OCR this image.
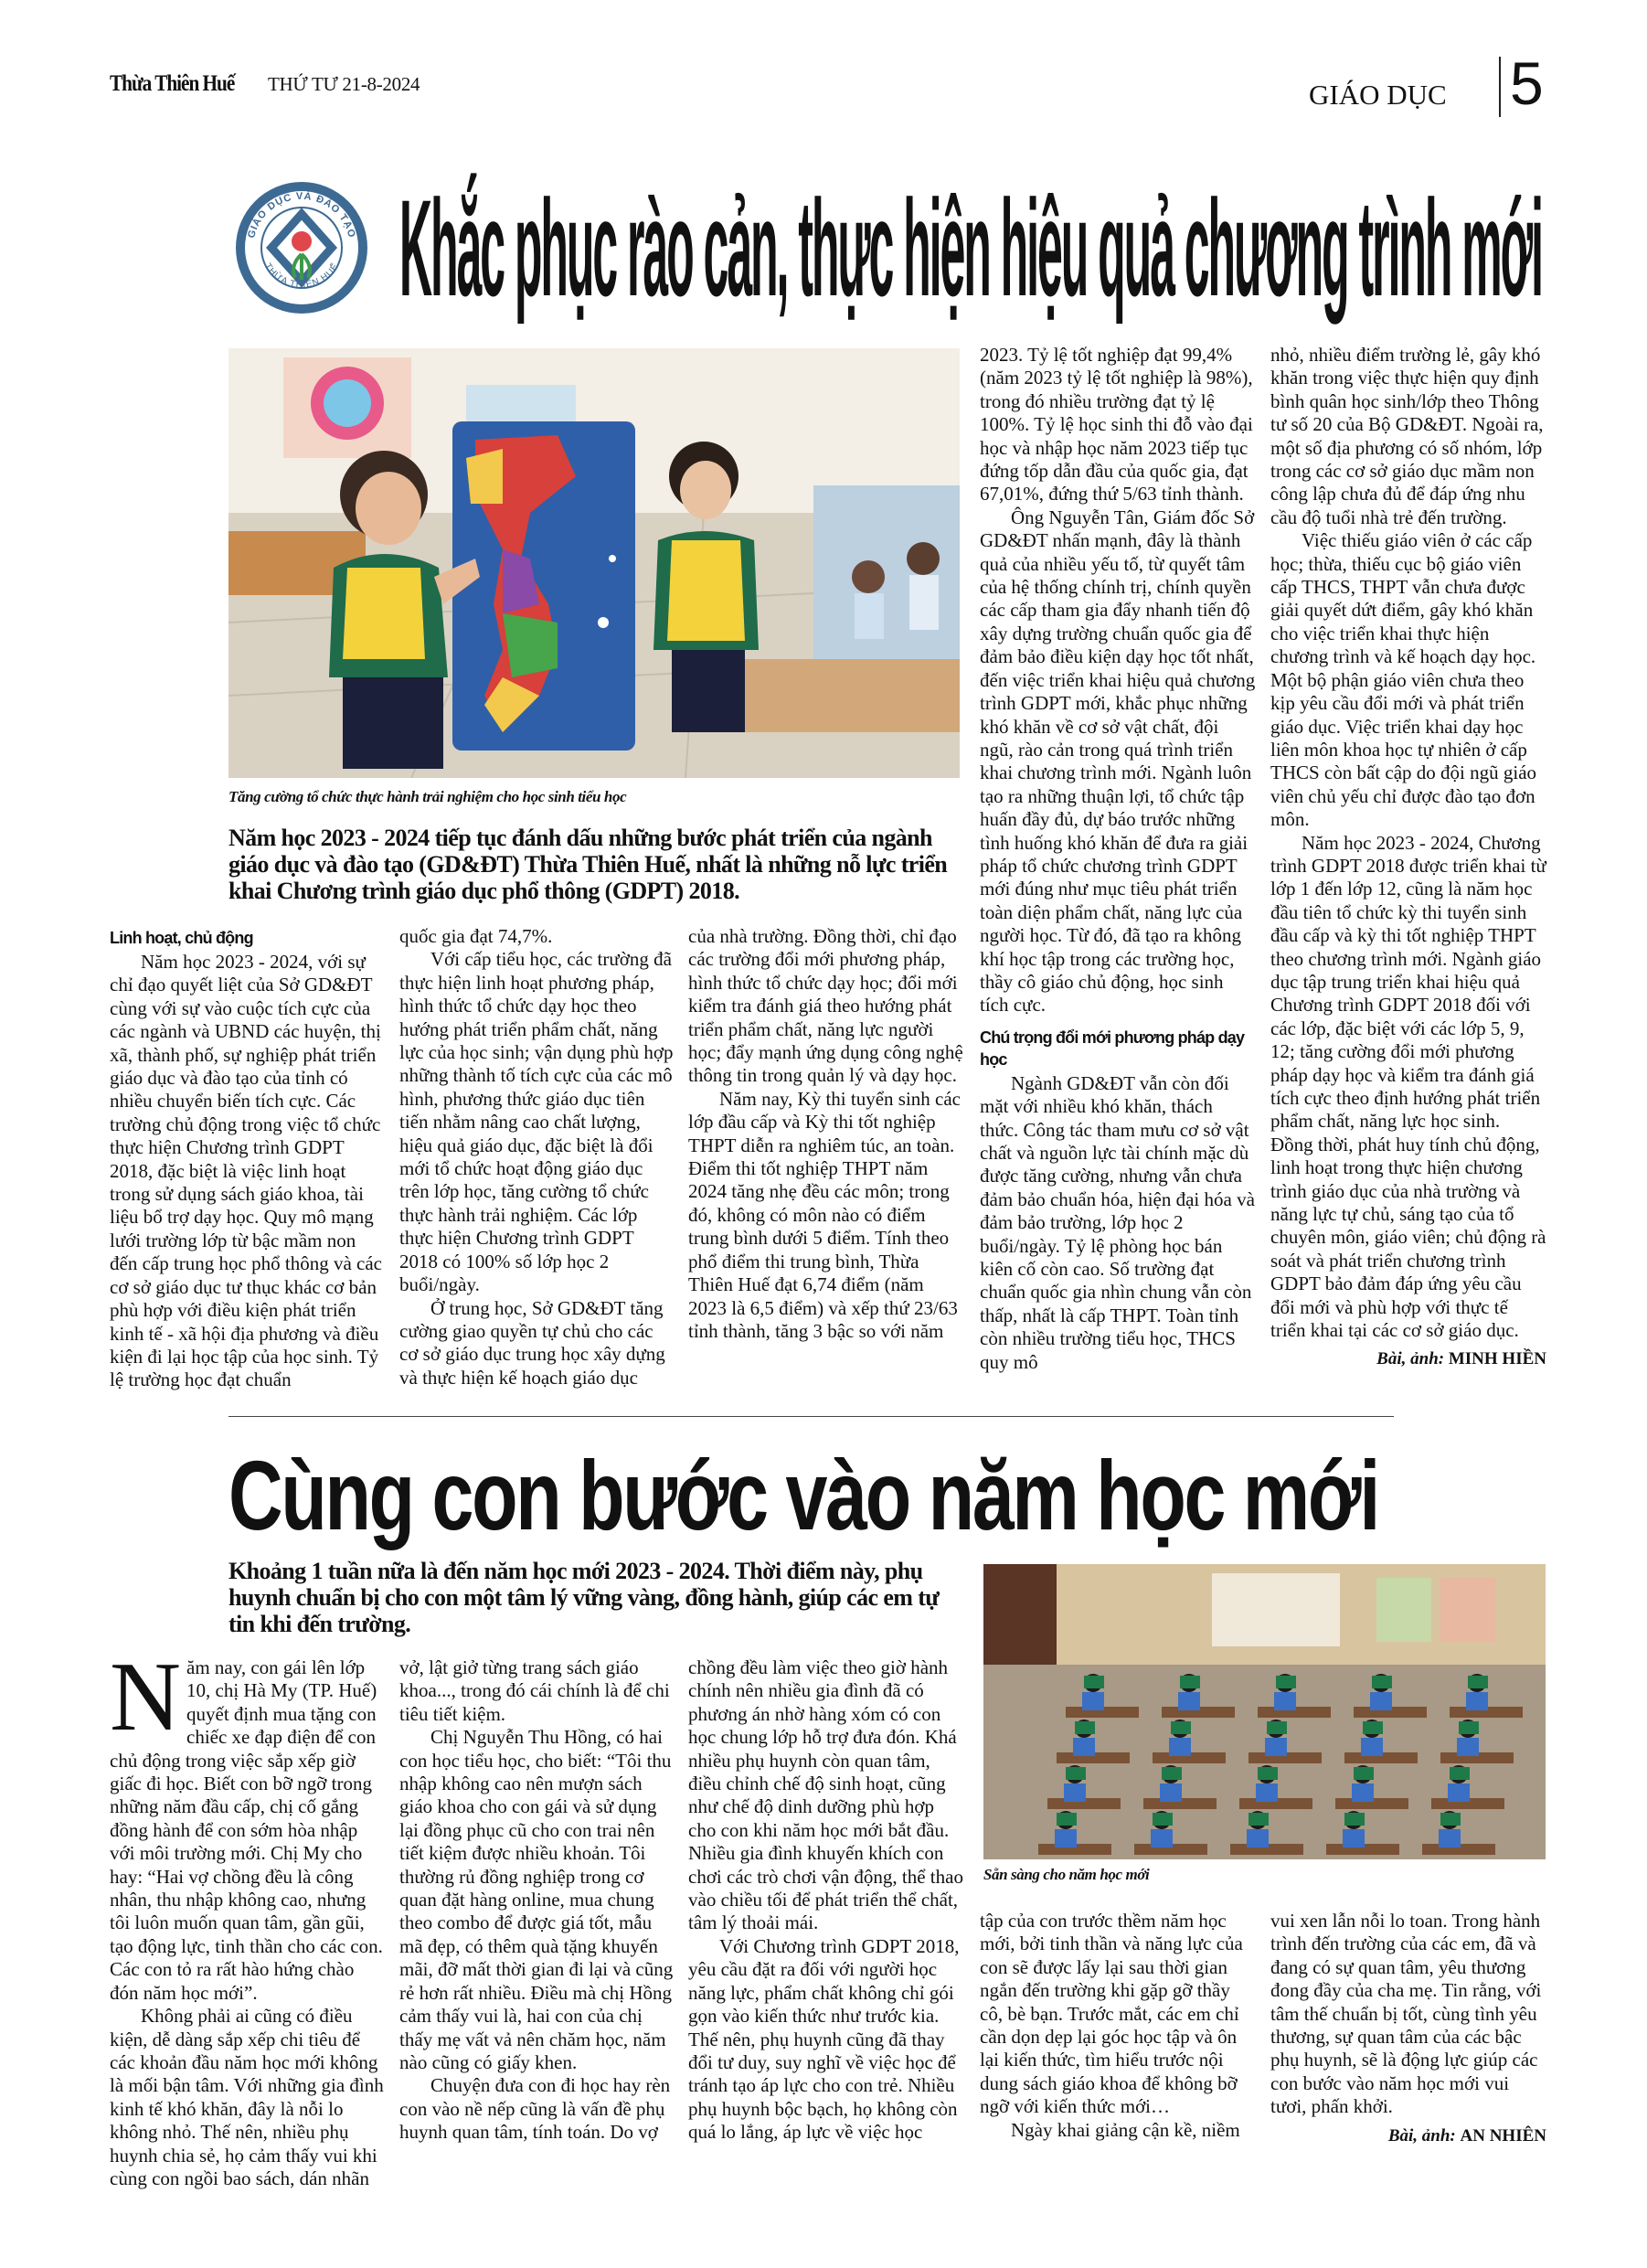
Thừa Thiên Huế THỨ TƯ 21-8-2024	GIÁO DỤC 5
GIÁO DỤC VÀ ĐÀO TẠO
THỪA THIÊN HUẾ Khắc phục rào cản, thực hiện hiệu quả chương trình mới
Tăng cường tổ chức thực hành trải nghiệm cho học sinh tiểu học
Năm học 2023 - 2024 tiếp tục đánh dấu những bước phát triển của ngành giáo dục và đào tạo (GD&ĐT) Thừa Thiên Huế, nhất là những nỗ lực triển khai Chương trình giáo dục phổ thông (GDPT) 2018.
Linh hoạt, chủ động

Năm học 2023 - 2024, với sự chỉ đạo quyết liệt của Sở GD&ĐT cùng với sự vào cuộc tích cực của các ngành và UBND các huyện, thị xã, thành phố, sự nghiệp phát triển giáo dục và đào tạo của tỉnh có nhiều chuyển biến tích cực. Các trường chủ động trong việc tổ chức thực hiện Chương trình GDPT 2018, đặc biệt là việc linh hoạt trong sử dụng sách giáo khoa, tài liệu bổ trợ dạy học. Quy mô mạng lưới trường lớp từ bậc mầm non đến cấp trung học phổ thông và các cơ sở giáo dục tư thục khác cơ bản phù hợp với điều kiện phát triển kinh tế - xã hội địa phương và điều kiện đi lại học tập của học sinh. Tỷ lệ trường học đạt chuẩn

quốc gia đạt 74,7%.

Với cấp tiểu học, các trường đã thực hiện linh hoạt phương pháp, hình thức tổ chức dạy học theo hướng phát triển phẩm chất, năng lực của học sinh; vận dụng phù hợp những thành tố tích cực của các mô hình, phương thức giáo dục tiên tiến nhằm nâng cao chất lượng, hiệu quả giáo dục, đặc biệt là đổi mới tổ chức hoạt động giáo dục trên lớp học, tăng cường tổ chức thực hành trải nghiệm. Các lớp thực hiện Chương trình GDPT 2018 có 100% số lớp học 2 buổi/ngày.

Ở trung học, Sở GD&ĐT tăng cường giao quyền tự chủ cho các cơ sở giáo dục trung học xây dựng và thực hiện kế hoạch giáo dục

của nhà trường. Đồng thời, chỉ đạo các trường đổi mới phương pháp, hình thức tổ chức dạy học; đổi mới kiểm tra đánh giá theo hướng phát triển phẩm chất, năng lực người học; đẩy mạnh ứng dụng công nghệ thông tin trong quản lý và dạy học.

Năm nay, Kỳ thi tuyển sinh các lớp đầu cấp và Kỳ thi tốt nghiệp THPT diễn ra nghiêm túc, an toàn. Điểm thi tốt nghiệp THPT năm 2024 tăng nhẹ đều các môn; trong đó, không có môn nào có điểm trung bình dưới 5 điểm. Tính theo phổ điểm thi trung bình, Thừa Thiên Huế đạt 6,74 điểm (năm 2023 là 6,5 điểm) và xếp thứ 23/63 tỉnh thành, tăng 3 bậc so với năm

2023. Tỷ lệ tốt nghiệp đạt 99,4% (năm 2023 tỷ lệ tốt nghiệp là 98%), trong đó nhiều trường đạt tỷ lệ 100%. Tỷ lệ học sinh thi đỗ vào đại học và nhập học năm 2023 tiếp tục đứng tốp dẫn đầu của quốc gia, đạt 67,01%, đứng thứ 5/63 tỉnh thành.

Ông Nguyễn Tân, Giám đốc Sở GD&ĐT nhấn mạnh, đây là thành quả của nhiều yếu tố, từ quyết tâm của hệ thống chính trị, chính quyền các cấp tham gia đẩy nhanh tiến độ xây dựng trường chuẩn quốc gia để đảm bảo điều kiện dạy học tốt nhất, đến việc triển khai hiệu quả chương trình GDPT mới, khắc phục những khó khăn về cơ sở vật chất, đội ngũ, rào cản trong quá trình triển khai chương trình mới. Ngành luôn tạo ra những thuận lợi, tổ chức tập huấn đầy đủ, dự báo trước những tình huống khó khăn để đưa ra giải pháp tổ chức chương trình GDPT mới đúng như mục tiêu phát triển toàn diện phẩm chất, năng lực của người học. Từ đó, đã tạo ra không khí học tập trong các trường học, thầy cô giáo chủ động, học sinh tích cực.

Chú trọng đổi mới phương pháp dạy học

Ngành GD&ĐT vẫn còn đối mặt với nhiều khó khăn, thách thức. Công tác tham mưu cơ sở vật chất và nguồn lực tài chính mặc dù được tăng cường, nhưng vẫn chưa đảm bảo chuẩn hóa, hiện đại hóa và đảm bảo trường, lớp học 2 buổi/ngày. Tỷ lệ phòng học bán kiên cố còn cao. Số trường đạt chuẩn quốc gia nhìn chung vẫn còn thấp, nhất là cấp THPT. Toàn tỉnh còn nhiều trường tiểu học, THCS quy mô

nhỏ, nhiều điểm trường lẻ, gây khó khăn trong việc thực hiện quy định bình quân học sinh/lớp theo Thông tư số 20 của Bộ GD&ĐT. Ngoài ra, một số địa phương có số nhóm, lớp trong các cơ sở giáo dục mầm non công lập chưa đủ để đáp ứng nhu cầu độ tuổi nhà trẻ đến trường.

Việc thiếu giáo viên ở các cấp học; thừa, thiếu cục bộ giáo viên cấp THCS, THPT vẫn chưa được giải quyết dứt điểm, gây khó khăn cho việc triển khai thực hiện chương trình và kế hoạch dạy học. Một bộ phận giáo viên chưa theo kịp yêu cầu đổi mới và phát triển giáo dục. Việc triển khai dạy học liên môn khoa học tự nhiên ở cấp THCS còn bất cập do đội ngũ giáo viên chủ yếu chỉ được đào tạo đơn môn.

Năm học 2023 - 2024, Chương trình GDPT 2018 được triển khai từ lớp 1 đến lớp 12, cũng là năm học đầu tiên tổ chức kỳ thi tuyển sinh đầu cấp và kỳ thi tốt nghiệp THPT theo chương trình mới. Ngành giáo dục tập trung triển khai hiệu quả Chương trình GDPT 2018 đối với các lớp, đặc biệt với các lớp 5, 9, 12; tăng cường đổi mới phương pháp dạy học và kiểm tra đánh giá tích cực theo định hướng phát triển phẩm chất, năng lực học sinh. Đồng thời, phát huy tính chủ động, linh hoạt trong thực hiện chương trình giáo dục của nhà trường và năng lực tự chủ, sáng tạo của tổ chuyên môn, giáo viên; chủ động rà soát và phát triển chương trình GDPT bảo đảm đáp ứng yêu cầu đổi mới và phù hợp với thực tế triển khai tại các cơ sở giáo dục.

Bài, ảnh: MINH HIỀN
Cùng con bước vào năm học mới
Khoảng 1 tuần nữa là đến năm học mới 2023 - 2024. Thời điểm này, phụ huynh chuẩn bị cho con một tâm lý vững vàng, đồng hành, giúp các em tự tin khi đến trường.
Sẵn sàng cho năm học mới

Năm nay, con gái lên lớp 10, chị Hà My (TP. Huế) quyết định mua tặng con chiếc xe đạp điện để con chủ động trong việc sắp xếp giờ giấc đi học. Biết con bỡ ngỡ trong những năm đầu cấp, chị cố gắng đồng hành để con sớm hòa nhập với môi trường mới. Chị My cho hay: “Hai vợ chồng đều là công nhân, thu nhập không cao, nhưng tôi luôn muốn quan tâm, gần gũi, tạo động lực, tinh thần cho các con. Các con tỏ ra rất hào hứng chào đón năm học mới”.

Không phải ai cũng có điều kiện, dễ dàng sắp xếp chi tiêu để các khoản đầu năm học mới không là mối bận tâm. Với những gia đình kinh tế khó khăn, đây là nỗi lo không nhỏ. Thế nên, nhiều phụ huynh chia sẻ, họ cảm thấy vui khi cùng con ngồi bao sách, dán nhãn

vở, lật giở từng trang sách giáo khoa..., trong đó cái chính là để chi tiêu tiết kiệm.

Chị Nguyễn Thu Hồng, có hai con học tiểu học, cho biết: “Tôi thu nhập không cao nên mượn sách giáo khoa cho con gái và sử dụng lại đồng phục cũ cho con trai nên tiết kiệm được nhiều khoản. Tôi thường rủ đồng nghiệp trong cơ quan đặt hàng online, mua chung theo combo để được giá tốt, mẫu mã đẹp, có thêm quà tặng khuyến mãi, đỡ mất thời gian đi lại và cũng rẻ hơn rất nhiều. Điều mà chị Hồng cảm thấy vui là, hai con của chị thấy mẹ vất vả nên chăm học, năm nào cũng có giấy khen.

Chuyện đưa con đi học hay rèn con vào nề nếp cũng là vấn đề phụ huynh quan tâm, tính toán. Do vợ

chồng đều làm việc theo giờ hành chính nên nhiều gia đình đã có phương án nhờ hàng xóm có con học chung lớp hỗ trợ đưa đón. Khá nhiều phụ huynh còn quan tâm, điều chỉnh chế độ sinh hoạt, cũng như chế độ dinh dưỡng phù hợp cho con khi năm học mới bắt đầu. Nhiều gia đình khuyến khích con chơi các trò chơi vận động, thể thao vào chiều tối để phát triển thể chất, tâm lý thoải mái.

Với Chương trình GDPT 2018, yêu cầu đặt ra đối với người học năng lực, phẩm chất không chỉ gói gọn vào kiến thức như trước kia. Thế nên, phụ huynh cũng đã thay đổi tư duy, suy nghĩ về việc học để tránh tạo áp lực cho con trẻ. Nhiều phụ huynh bộc bạch, họ không còn quá lo lắng, áp lực về việc học

tập của con trước thềm năm học mới, bởi tinh thần và năng lực của con sẽ được lấy lại sau thời gian ngắn đến trường khi gặp gỡ thầy cô, bè bạn. Trước mắt, các em chỉ cần dọn dẹp lại góc học tập và ôn lại kiến thức, tìm hiểu trước nội dung sách giáo khoa để không bỡ ngỡ với kiến thức mới…

Ngày khai giảng cận kề, niềm

vui xen lẫn nỗi lo toan. Trong hành trình đến trường của các em, đã và đang có sự quan tâm, yêu thương đong đầy của cha mẹ. Tin rằng, với tâm thế chuẩn bị tốt, cùng tình yêu thương, sự quan tâm của các bậc phụ huynh, sẽ là động lực giúp các con bước vào năm học mới vui tươi, phấn khởi.

Bài, ảnh: AN NHIÊN
